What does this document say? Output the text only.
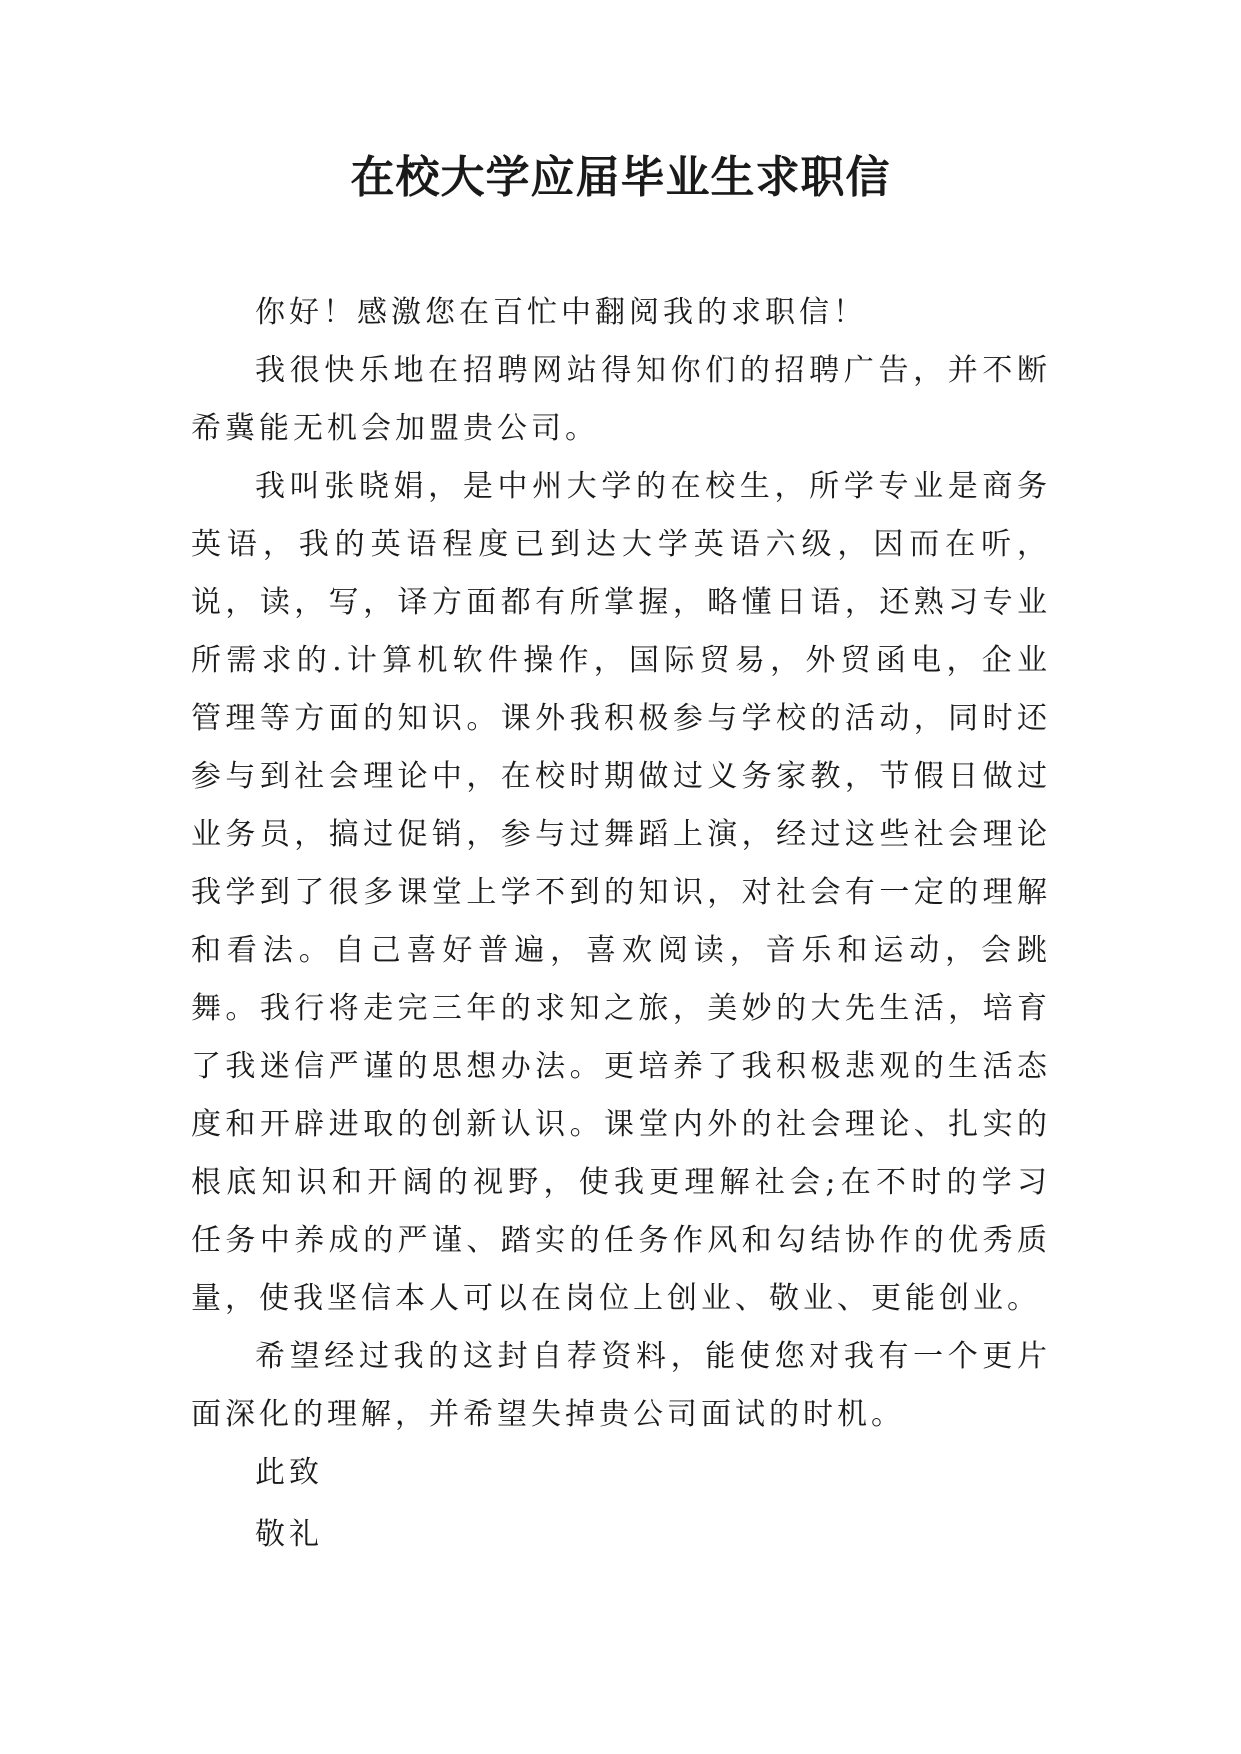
在校大学应届毕业生求职信

你好！感激您在百忙中翻阅我的求职信！

我很快乐地在招聘网站得知你们的招聘广告，并不断希冀能无机会加盟贵公司。

我叫张晓娟，是中州大学的在校生，所学专业是商务英语，我的英语程度已到达大学英语六级，因而在听，说，读，写，译方面都有所掌握，略懂日语，还熟习专业所需求的.计算机软件操作，国际贸易，外贸函电，企业管理等方面的知识。课外我积极参与学校的活动，同时还参与到社会理论中，在校时期做过义务家教，节假日做过业务员，搞过促销，参与过舞蹈上演，经过这些社会理论我学到了很多课堂上学不到的知识，对社会有一定的理解和看法。自己喜好普遍，喜欢阅读，音乐和运动，会跳舞。我行将走完三年的求知之旅，美妙的大先生活，培育了我迷信严谨的思想办法。更培养了我积极悲观的生活态度和开辟进取的创新认识。课堂内外的社会理论、扎实的根底知识和开阔的视野，使我更理解社会;在不时的学习任务中养成的严谨、踏实的任务作风和勾结协作的优秀质量，使我坚信本人可以在岗位上创业、敬业、更能创业。

希望经过我的这封自荐资料，能使您对我有一个更片面深化的理解，并希望失掉贵公司面试的时机。

此致

敬礼
